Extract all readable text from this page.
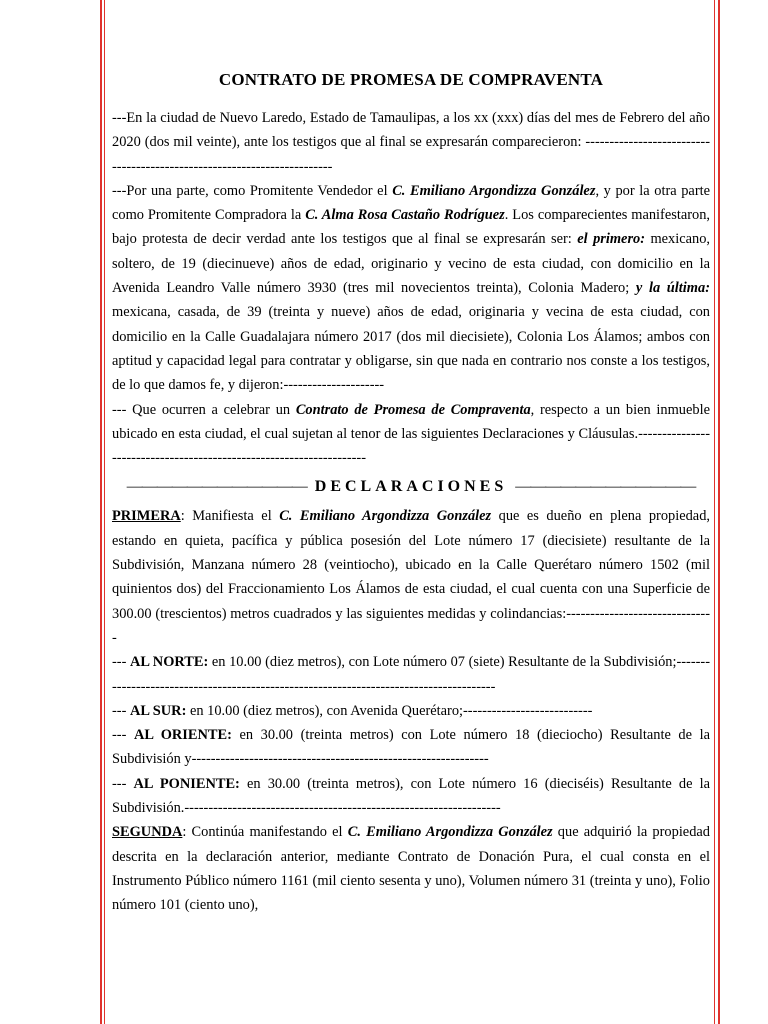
CONTRATO DE PROMESA DE COMPRAVENTA

---En la ciudad de Nuevo Laredo, Estado de Tamaulipas, a los xx (xxx) días del mes de Febrero del año 2020 (dos mil veinte), ante los testigos que al final se expresarán comparecieron: ------------------------------------------------------------------------

---Por una parte, como Promitente Vendedor el C. Emiliano Argondizza González, y por la otra parte como Promitente Compradora la C. Alma Rosa Castaño Rodríguez. Los comparecientes manifestaron, bajo protesta de decir verdad ante los testigos que al final se expresarán ser: el primero: mexicano, soltero, de 19 (diecinueve) años de edad, originario y vecino de esta ciudad, con domicilio en la Avenida Leandro Valle número 3930 (tres mil novecientos treinta), Colonia Madero; y la última: mexicana, casada, de 39 (treinta y nueve) años de edad, originaria y vecina de esta ciudad, con domicilio en la Calle Guadalajara número 2017 (dos mil diecisiete), Colonia Los Álamos; ambos con aptitud y capacidad legal para contratar y obligarse, sin que nada en contrario nos conste a los testigos, de lo que damos fe, y dijeron:---------------------

--- Que ocurren a celebrar un Contrato de Promesa de Compraventa, respecto a un bien inmueble ubicado en esta ciudad, el cual sujetan al tenor de las siguientes Declaraciones y Cláusulas.--------------------------------------------------------------------

———————————— DECLARACIONES ————————————

PRIMERA: Manifiesta el C. Emiliano Argondizza González que es dueño en plena propiedad, estando en quieta, pacífica y pública posesión del Lote número 17 (diecisiete) resultante de la Subdivisión, Manzana número 28 (veintiocho), ubicado en la Calle Querétaro número 1502 (mil quinientos dos) del Fraccionamiento Los Álamos de esta ciudad, el cual cuenta con una Superficie de 300.00 (trescientos) metros cuadrados y las siguientes medidas y colindancias:-------------------------------

--- AL NORTE: en 10.00 (diez metros), con Lote número 07 (siete) Resultante de la Subdivisión;---------------------------------------------------------------------------------------

--- AL SUR: en 10.00 (diez metros), con Avenida Querétaro;---------------------------

--- AL ORIENTE: en 30.00 (treinta metros) con Lote número 18 (dieciocho) Resultante de la Subdivisión y--------------------------------------------------------------

--- AL PONIENTE: en 30.00 (treinta metros), con Lote número 16 (dieciséis) Resultante de la Subdivisión.------------------------------------------------------------------

SEGUNDA: Continúa manifestando el C. Emiliano Argondizza González que adquirió la propiedad descrita en la declaración anterior, mediante Contrato de Donación Pura, el cual consta en el Instrumento Público número 1161 (mil ciento sesenta y uno), Volumen número 31 (treinta y uno), Folio número 101 (ciento uno),
